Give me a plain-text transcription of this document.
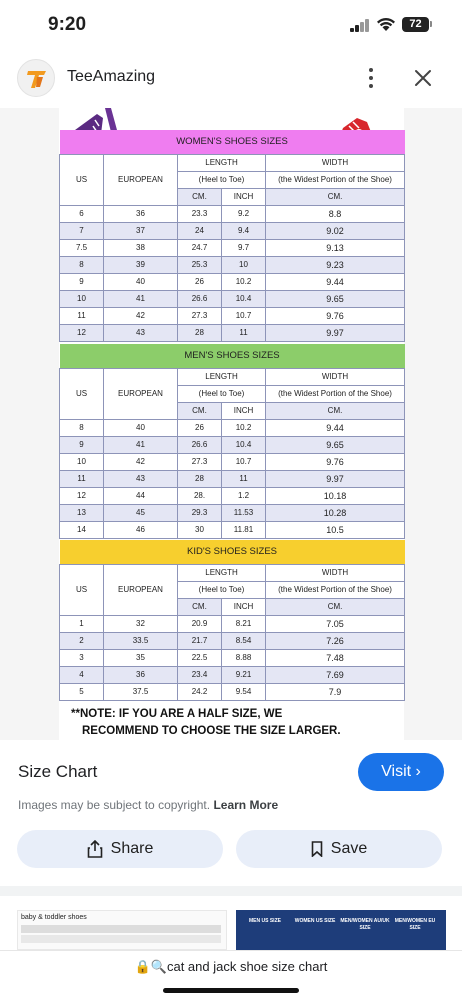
9:20	72
TeeAmazing
WOMEN'S SHOES SIZES				
US	EUROPEAN	LENGTH		WIDTH
		(Heel to Toe)		(the Widest Portion of the Shoe)
		CM.	INCH	CM.
6	36	23.3	9.2	8.8
7	37	24	9.4	9.02
7.5	38	24.7	9.7	9.13
8	39	25.3	10	9.23
9	40	26	10.2	9.44
10	41	26.6	10.4	9.65
11	42	27.3	10.7	9.76
12	43	28	11	9.97
MEN'S SHOES SIZES				
US	EUROPEAN	LENGTH		WIDTH
		(Heel to Toe)		(the Widest Portion of the Shoe)
		CM.	INCH	CM.
8	40	26	10.2	9.44
9	41	26.6	10.4	9.65
10	42	27.3	10.7	9.76
11	43	28	11	9.97
12	44	28.	1.2	10.18
13	45	29.3	11.53	10.28
14	46	30	11.81	10.5
KID'S SHOES SIZES				
US	EUROPEAN	LENGTH		WIDTH
		(Heel to Toe)		(the Widest Portion of the Shoe)
		CM.	INCH	CM.
1	32	20.9	8.21	7.05
2	33.5	21.7	8.54	7.26
3	35	22.5	8.88	7.48
4	36	23.4	9.21	7.69
5	37.5	24.2	9.54	7.9
**NOTE: IF YOU ARE A HALF SIZE, WE
RECOMMEND TO CHOOSE THE SIZE LARGER.
Size Chart	Visit ›
Images may be subject to copyright. Learn More
Share	Save
baby & toddler shoes	MEN US SIZE	WOMEN US SIZE	MEN/WOMEN AU/UK SIZE
MEN/WOMEN EU SIZE
🔒🔍cat and jack shoe size chart
